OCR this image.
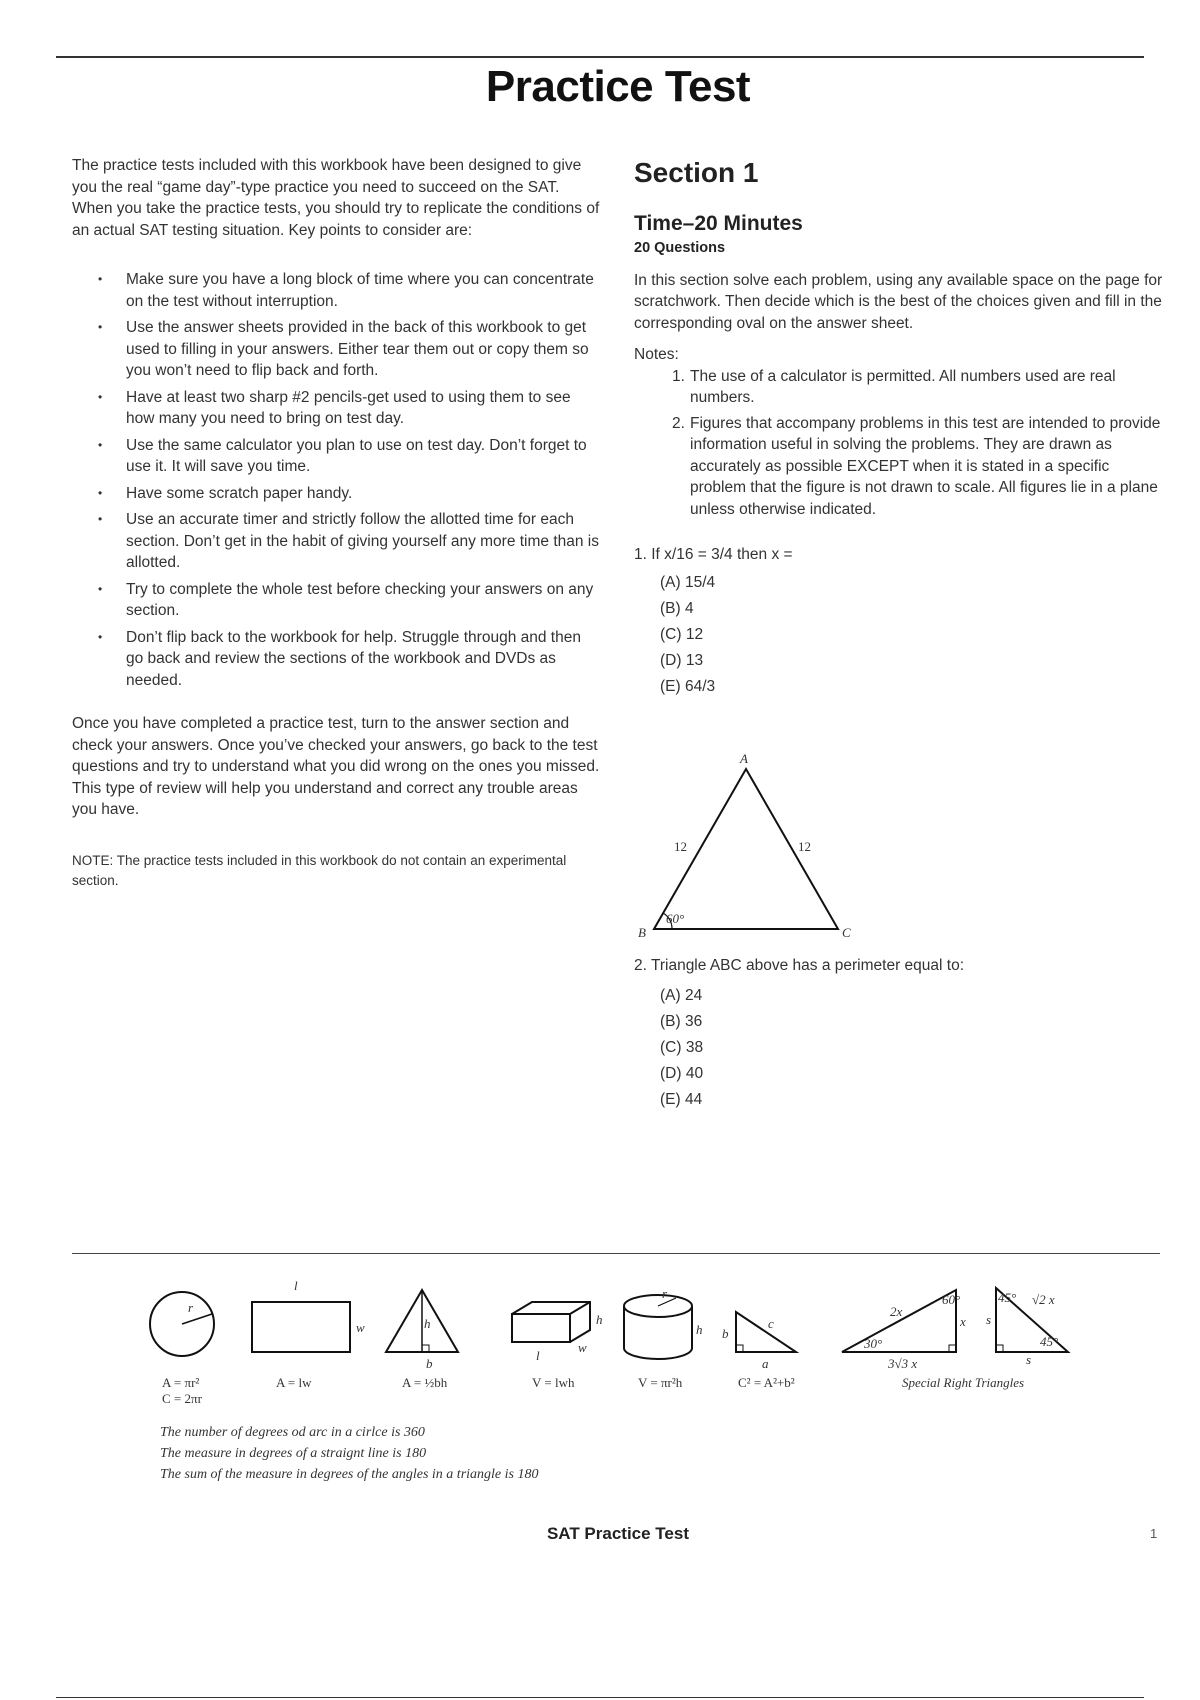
Practice Test

The practice tests included with this workbook have been designed to give you the real “game day”-type practice you need to succeed on the SAT. When you take the practice tests, you should try to replicate the conditions of an actual SAT testing situation. Key points to consider are:

• Make sure you have a long block of time where you can concentrate on the test without interruption.
• Use the answer sheets provided in the back of this workbook to get used to filling in your answers. Either tear them out or copy them so you won’t need to flip back and forth.
• Have at least two sharp #2 pencils-get used to using them to see how many you need to bring on test day.
• Use the same calculator you plan to use on test day. Don’t forget to use it. It will save you time.
• Have some scratch paper handy.
• Use an accurate timer and strictly follow the allotted time for each section. Don’t get in the habit of giving yourself any more time than is allotted.
• Try to complete the whole test before checking your answers on any section.
• Don’t flip back to the workbook for help. Struggle through and then go back and review the sections of the workbook and DVDs as needed.

Once you have completed a practice test, turn to the answer section and check your answers. Once you’ve checked your answers, go back to the test questions and try to understand what you did wrong on the ones you missed. This type of review will help you understand and correct any trouble areas you have.

NOTE: The practice tests included in this workbook do not contain an experimental section.

Section 1

Time–20 Minutes

20 Questions

In this section solve each problem, using any available space on the page for scratchwork. Then decide which is the best of the choices given and fill in the corresponding oval on the answer sheet.

Notes:

1. The use of a calculator is permitted. All numbers used are real numbers.
2. Figures that accompany problems in this test are intended to provide information useful in solving the problems. They are drawn as accurately as possible EXCEPT when it is stated in a specific problem that the figure is not drawn to scale. All figures lie in a plane unless otherwise indicated.

1. If x/16 = 3/4 then x =

(A) 15/4
(B) 4
(C) 12
(D) 13
(E) 64/3
A
B	C
12	12
60°
2. Triangle ABC above has a perimeter equal to:
(A) 24
(B) 36
(C) 38
(D) 40
(E) 44
r
A = πr²
C = 2πr
l
w
A = lw
h
b
A = ½bh
h
l
w
V = lwh
r
h
V = πr²h
b
c
a
C² = A²+b²
2x
x
3√3 x
30°
60°	√2 x
s
s
45°
45°
Special Right Triangles
The number of degrees od arc in a cirlce is 360
The measure in degrees of a straignt line is 180
The sum of the measure in degrees of the angles in a triangle is 180
SAT Practice Test	1
